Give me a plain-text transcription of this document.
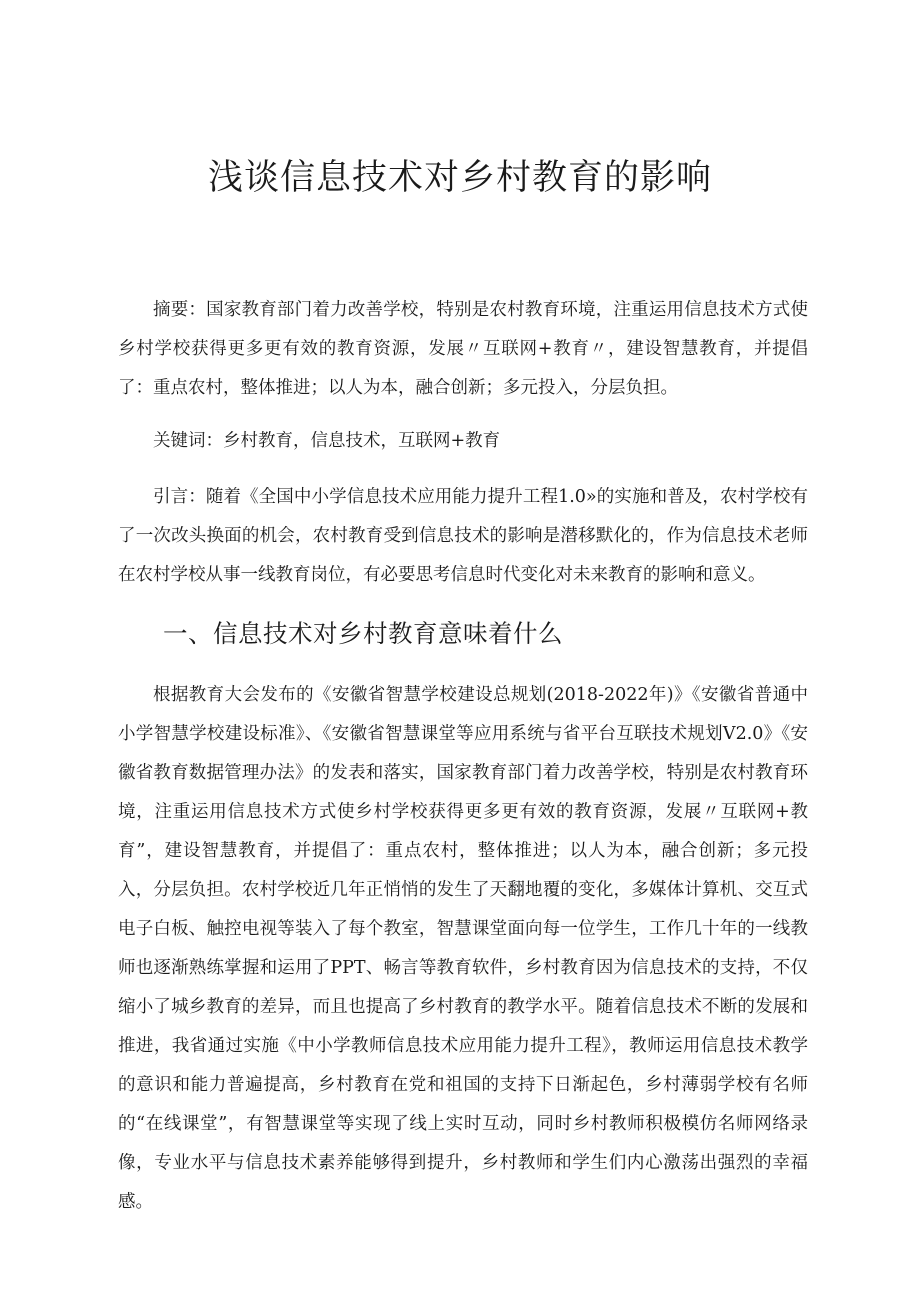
浅谈信息技术对乡村教育的影响

摘要：国家教育部门着力改善学校，特别是农村教育环境，注重运用信息技术方式使乡村学校获得更多更有效的教育资源，发展〃互联网+教育〃，建设智慧教育，并提倡了：重点农村，整体推进；以人为本，融合创新；多元投入，分层负担。

关键词：乡村教育，信息技术，互联网+教育

引言：随着《全国中小学信息技术应用能力提升工程1.0»的实施和普及，农村学校有了一次改头换面的机会，农村教育受到信息技术的影响是潜移默化的，作为信息技术老师在农村学校从事一线教育岗位，有必要思考信息时代变化对未来教育的影响和意义。

一、信息技术对乡村教育意味着什么

根据教育大会发布的《安徽省智慧学校建设总规划(2018-2022年)》《安徽省普通中小学智慧学校建设标准》、《安徽省智慧课堂等应用系统与省平台互联技术规划V2.0》《安徽省教育数据管理办法》的发表和落实，国家教育部门着力改善学校，特别是农村教育环境，注重运用信息技术方式使乡村学校获得更多更有效的教育资源，发展〃互联网+教育”，建设智慧教育，并提倡了：重点农村，整体推进；以人为本，融合创新；多元投入，分层负担。农村学校近几年正悄悄的发生了天翻地覆的变化，多媒体计算机、交互式电子白板、触控电视等装入了每个教室，智慧课堂面向每一位学生，工作几十年的一线教师也逐渐熟练掌握和运用了PPT、畅言等教育软件，乡村教育因为信息技术的支持，不仅缩小了城乡教育的差异，而且也提高了乡村教育的教学水平。随着信息技术不断的发展和推进，我省通过实施《中小学教师信息技术应用能力提升工程》，教师运用信息技术教学的意识和能力普遍提高，乡村教育在党和祖国的支持下日渐起色，乡村薄弱学校有名师的“在线课堂”，有智慧课堂等实现了线上实时互动，同时乡村教师积极模仿名师网络录像，专业水平与信息技术素养能够得到提升，乡村教师和学生们内心激荡出强烈的幸福感。
